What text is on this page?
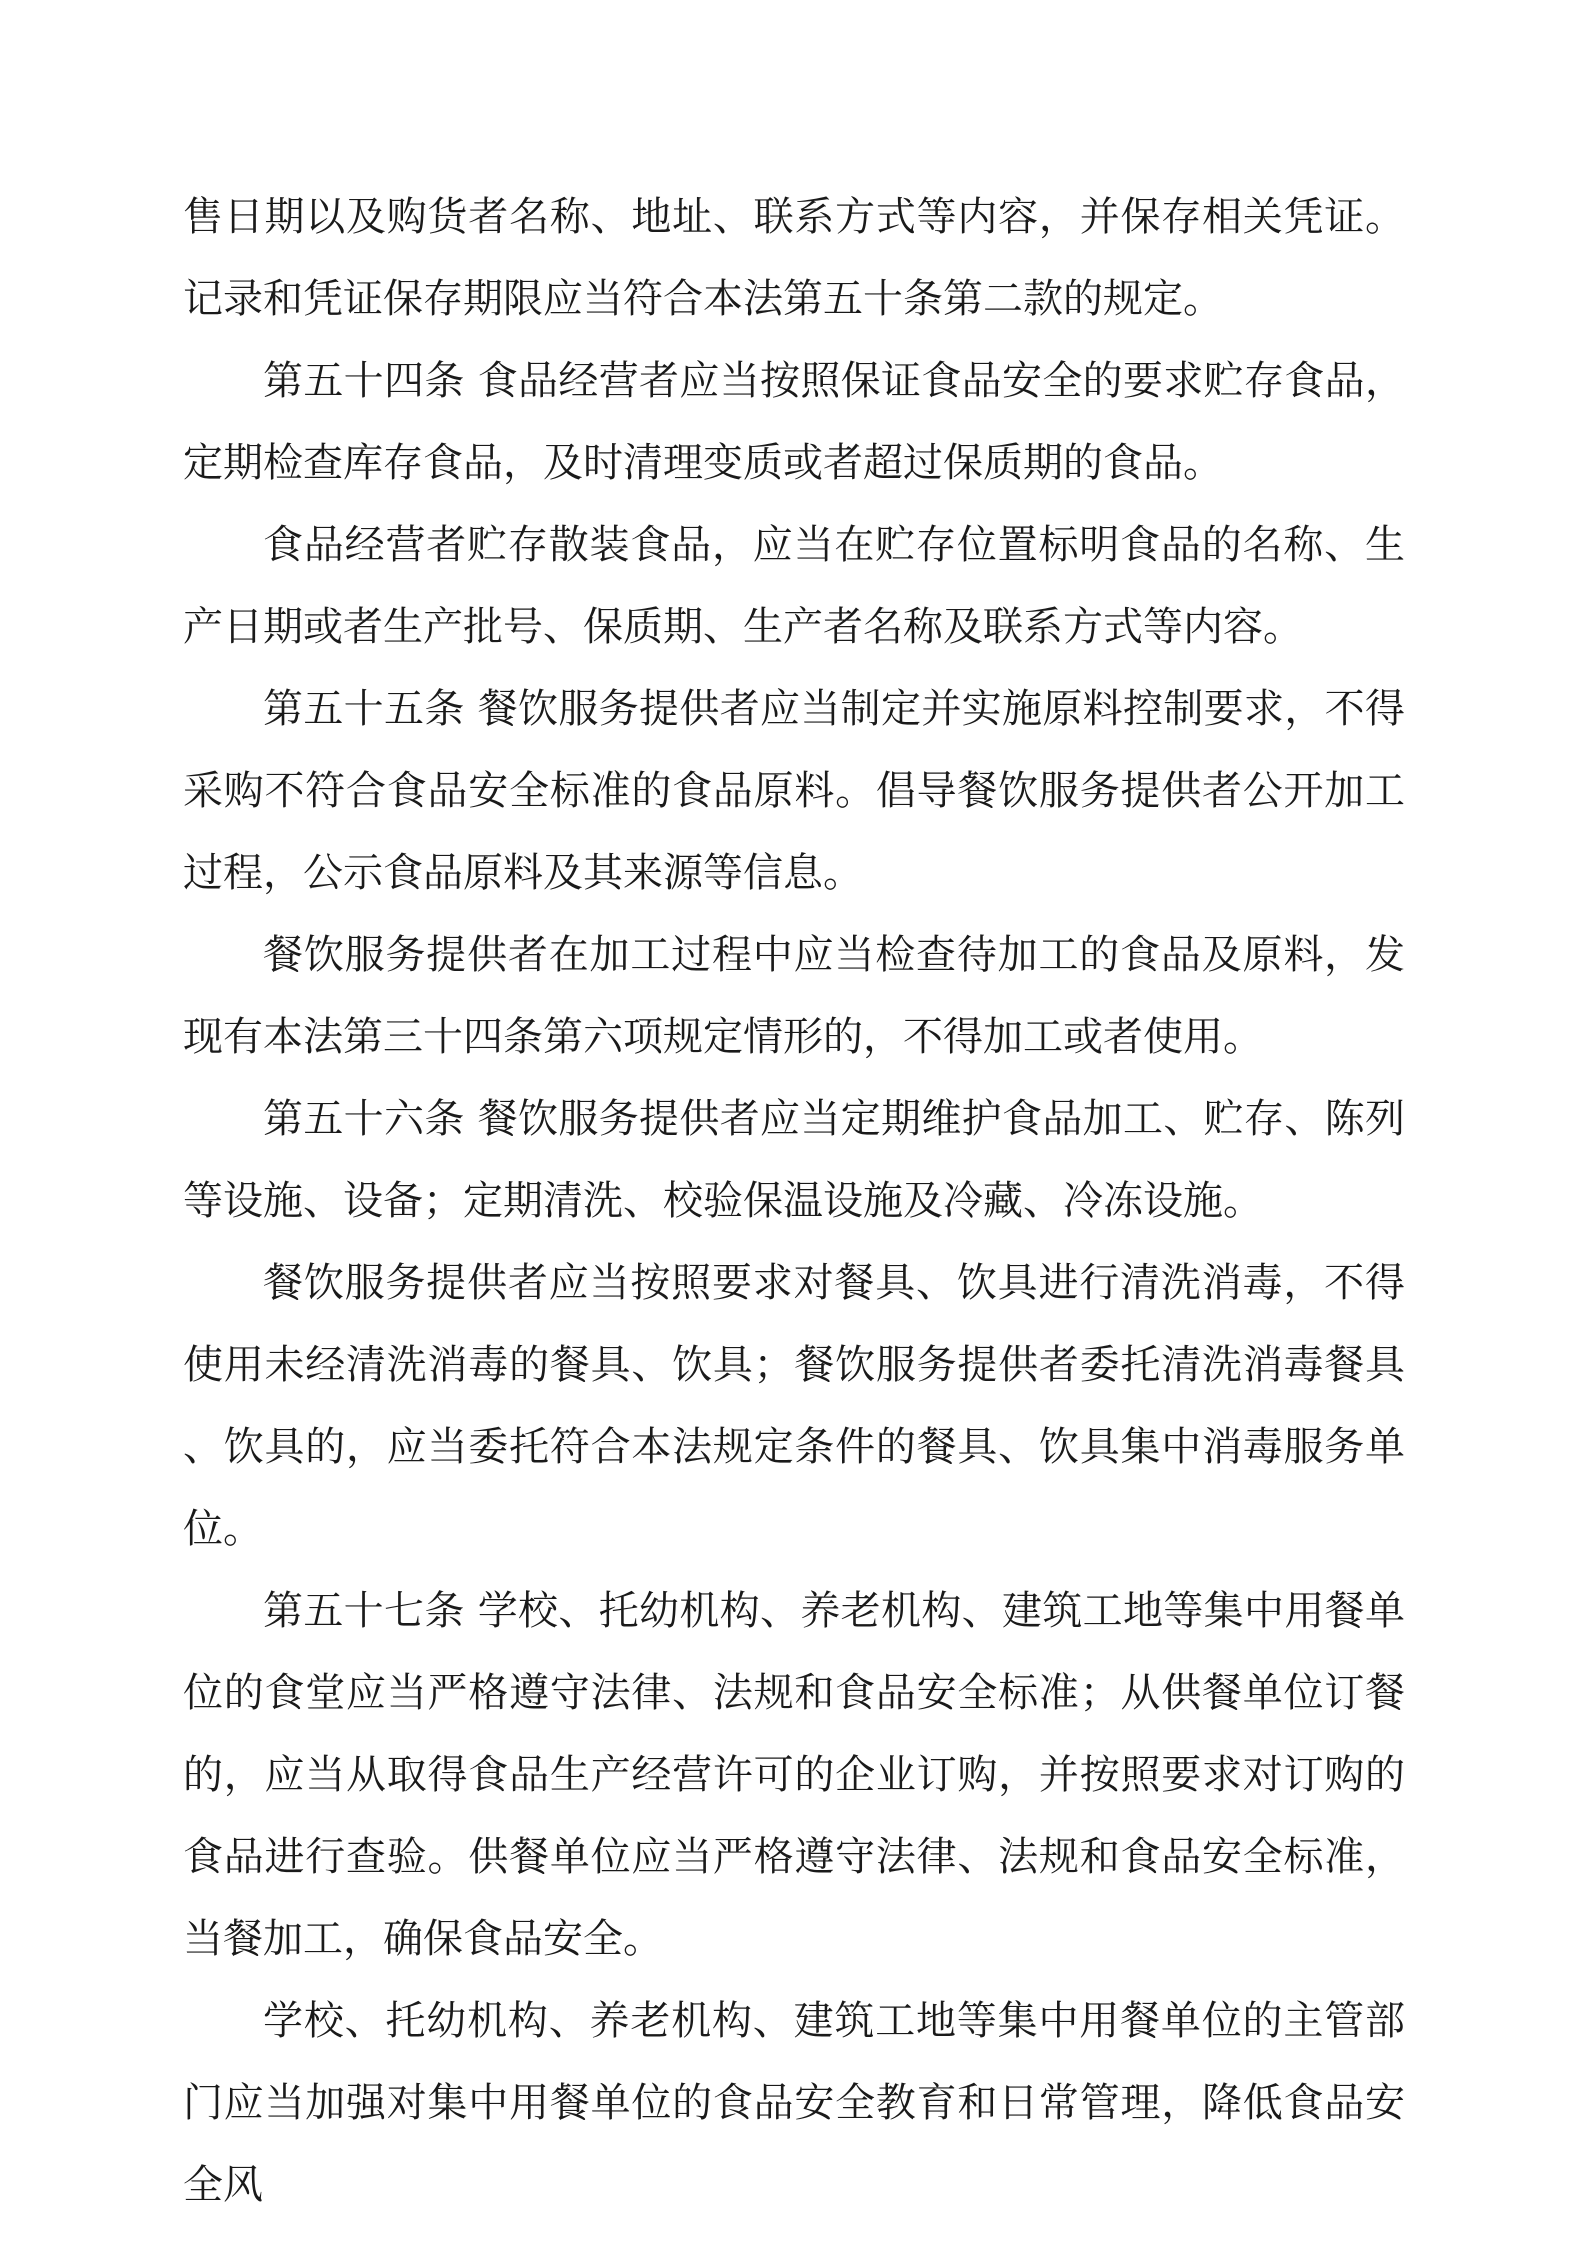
售日期以及购货者名称、地址、联系方式等内容，并保存相关凭证。记录和凭证保存期限应当符合本法第五十条第二款的规定。

第五十四条 食品经营者应当按照保证食品安全的要求贮存食品，定期检查库存食品，及时清理变质或者超过保质期的食品。

食品经营者贮存散装食品，应当在贮存位置标明食品的名称、生产日期或者生产批号、保质期、生产者名称及联系方式等内容。

第五十五条 餐饮服务提供者应当制定并实施原料控制要求，不得采购不符合食品安全标准的食品原料。倡导餐饮服务提供者公开加工过程，公示食品原料及其来源等信息。

餐饮服务提供者在加工过程中应当检查待加工的食品及原料，发现有本法第三十四条第六项规定情形的，不得加工或者使用。

第五十六条 餐饮服务提供者应当定期维护食品加工、贮存、陈列等设施、设备；定期清洗、校验保温设施及冷藏、冷冻设施。

餐饮服务提供者应当按照要求对餐具、饮具进行清洗消毒，不得使用未经清洗消毒的餐具、饮具；餐饮服务提供者委托清洗消毒餐具、饮具的，应当委托符合本法规定条件的餐具、饮具集中消毒服务单位。

第五十七条 学校、托幼机构、养老机构、建筑工地等集中用餐单位的食堂应当严格遵守法律、法规和食品安全标准；从供餐单位订餐的，应当从取得食品生产经营许可的企业订购，并按照要求对订购的食品进行查验。供餐单位应当严格遵守法律、法规和食品安全标准，当餐加工，确保食品安全。

学校、托幼机构、养老机构、建筑工地等集中用餐单位的主管部门应当加强对集中用餐单位的食品安全教育和日常管理，降低食品安全风
